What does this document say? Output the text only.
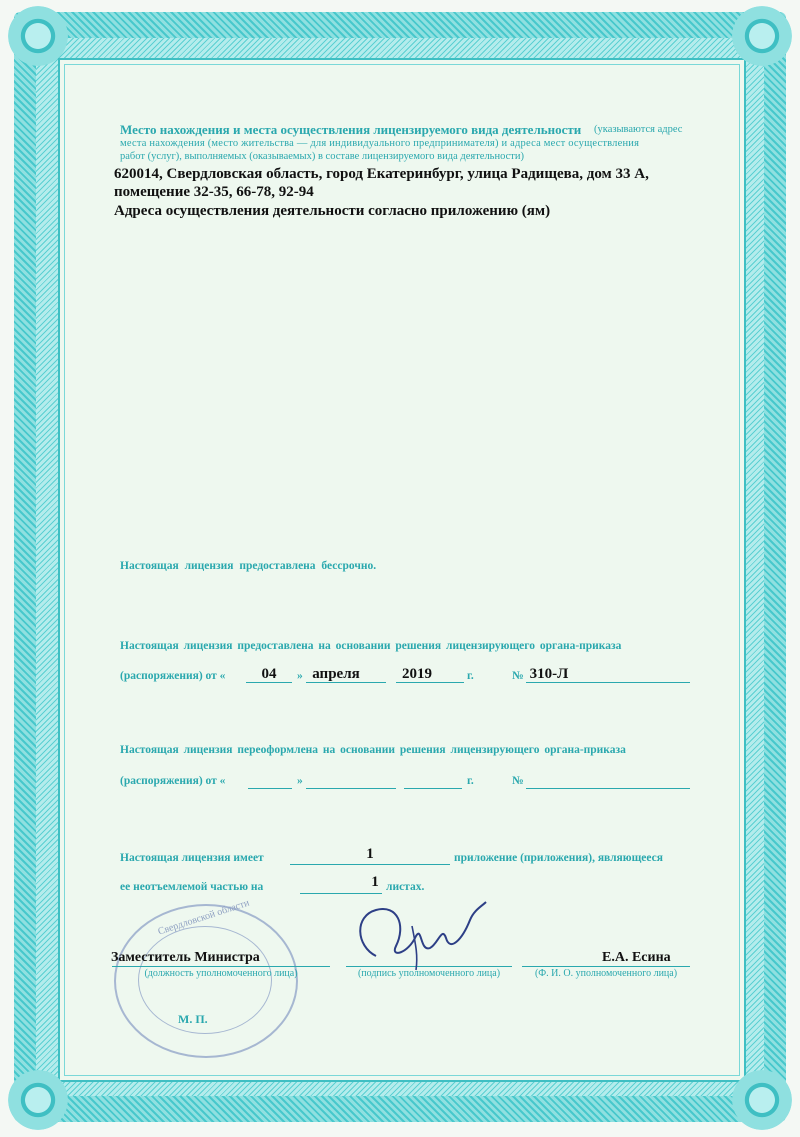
Место нахождения и места осуществления лицензируемого вида деятельности (указываются адрес
места нахождения (место жительства — для индивидуального предпринимателя) и адреса мест осуществления
работ (услуг), выполняемых (оказываемых) в составе лицензируемого вида деятельности)
620014, Свердловская область, город Екатеринбург, улица Радищева, дом 33 А,
помещение 32-35, 66-78, 92-94
Адреса осуществления деятельности согласно приложению (ям)
Настоящая лицензия предоставлена бессрочно.
Настоящая лицензия предоставлена на основании решения лицензирующего органа-приказа
(распоряжения) от «	04	» апреля	2019	г.	№ 310-Л
Настоящая лицензия переоформлена на основании решения лицензирующего органа-приказа
(распоряжения) от «	»	г.	№
Настоящая лицензия имеет	1	приложение (приложения), являющееся
ее неотъемлемой частью на	1 листах.
Свердловской области
Заместитель Министра	Е.А. Есина
(должность уполномоченного лица)	(подпись уполномоченного лица)	(Ф. И. О. уполномоченного лица)
М. П.
